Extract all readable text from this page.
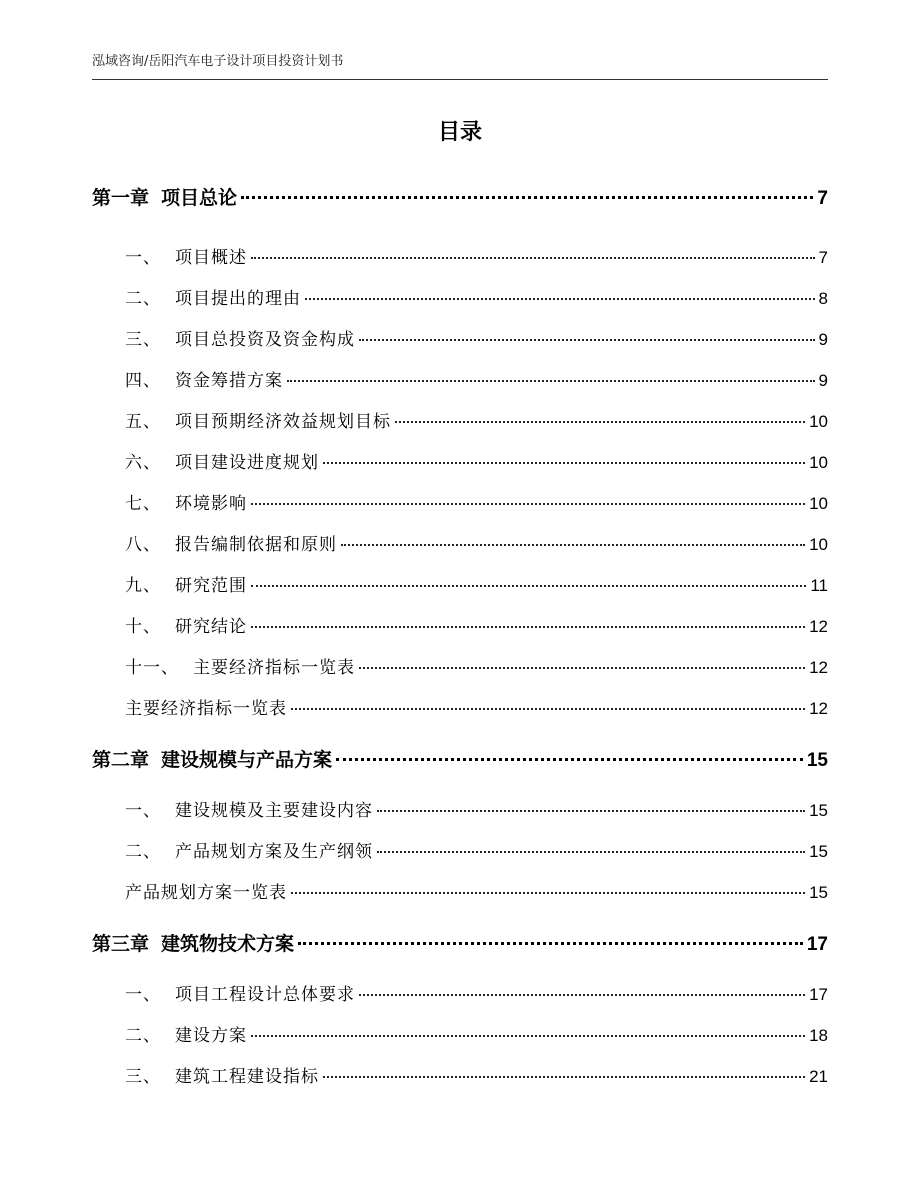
泓域咨询/岳阳汽车电子设计项目投资计划书
目录
第一章 项目总论	7
一、 项目概述	7
二、 项目提出的理由	8
三、 项目总投资及资金构成	9
四、 资金筹措方案	9
五、 项目预期经济效益规划目标	10
六、 项目建设进度规划	10
七、 环境影响	10
八、 报告编制依据和原则	10
九、 研究范围	11
十、 研究结论	12
十一、 主要经济指标一览表	12
主要经济指标一览表	12
第二章 建设规模与产品方案	15
一、 建设规模及主要建设内容	15
二、 产品规划方案及生产纲领	15
产品规划方案一览表	15
第三章 建筑物技术方案	17
一、 项目工程设计总体要求	17
二、 建设方案	18
三、 建筑工程建设指标	21
